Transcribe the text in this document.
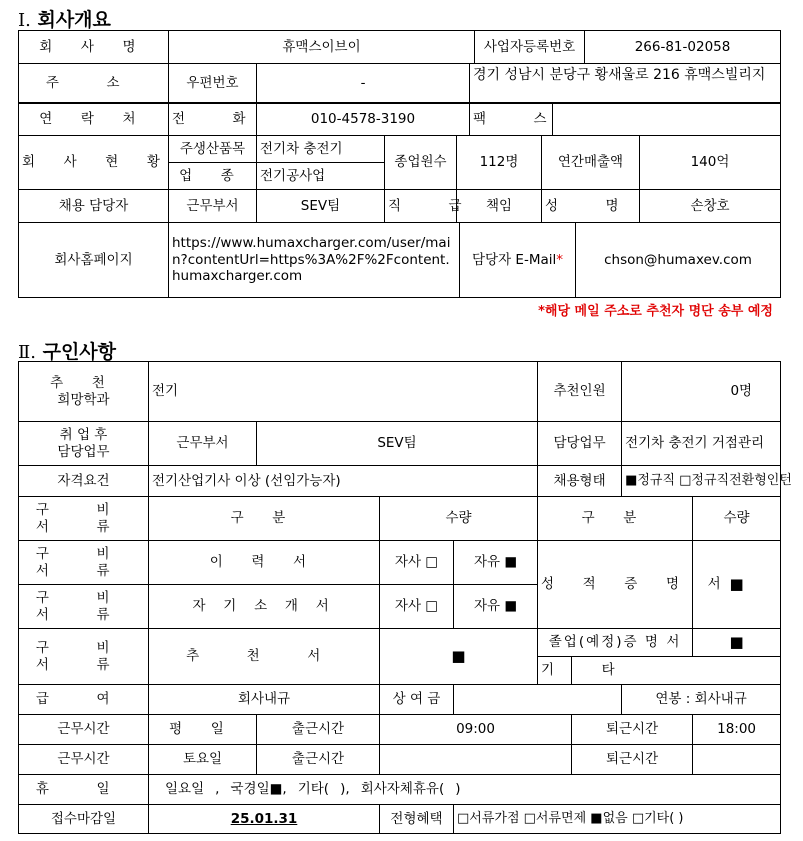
Ⅰ. 회사개요
회 사 명	휴맥스이브이			사업자등록번호	266-81-02058
주 소	우편번호	-	경기 성남시 분당구 황새울로 216 휴맥스빌리지		
연 락 처	전 화	010-4578-3190	팩 스	
회 사 현 황	주생산품목	전기차 충전기	종업원수	112명	연간매출액	140억
	업 종	전기공사업				
채용 담당자	근무부서	SEV팀	직 급	책임	성 명	손창호
회사홈페이지	https://www.humaxcharger.com/user/main?contentUrl=https%3A%2F%2Fcontent.humaxcharger.com	담당자 E-Mail*	chson@humaxev.com
*해당 메일 주소로 추천자 명단 송부 예정
Ⅱ. 구인사항
추 천
희망학과	전기				추천인원		0명	

취 업 후
담당업무	근무부서	SEV팀			담당업무		전기차 충전기 거점관리	
자격요건	전기산업기사 이상 (선임가능자)				채용형태		■정규직 □정규직전환형인턴	

구 비
서 류	구 분		수량		구 분			수량

구 비
서 류	이 력 서		자사 □	자유 ■	성 적 증 명 서			■

구 비
서 류	자 기 소 개 서		자사 □	자유 ■				

구 비
서 류	추 천 서		■		졸업(예정)증 명 서			■
					기 타			
급 여	회사내규		상 여 금				연봉 : 회사내규	
근무시간	평 일	출근시간	09:00			퇴근시간		18:00
근무시간	토요일	출근시간				퇴근시간		
휴 일	일요일 , 국경일■, 기타( ), 회사자체휴유( )							
접수마감일	25.01.31		전형혜택	□서류가점 □서류면제 ■없음 □기타( )				
